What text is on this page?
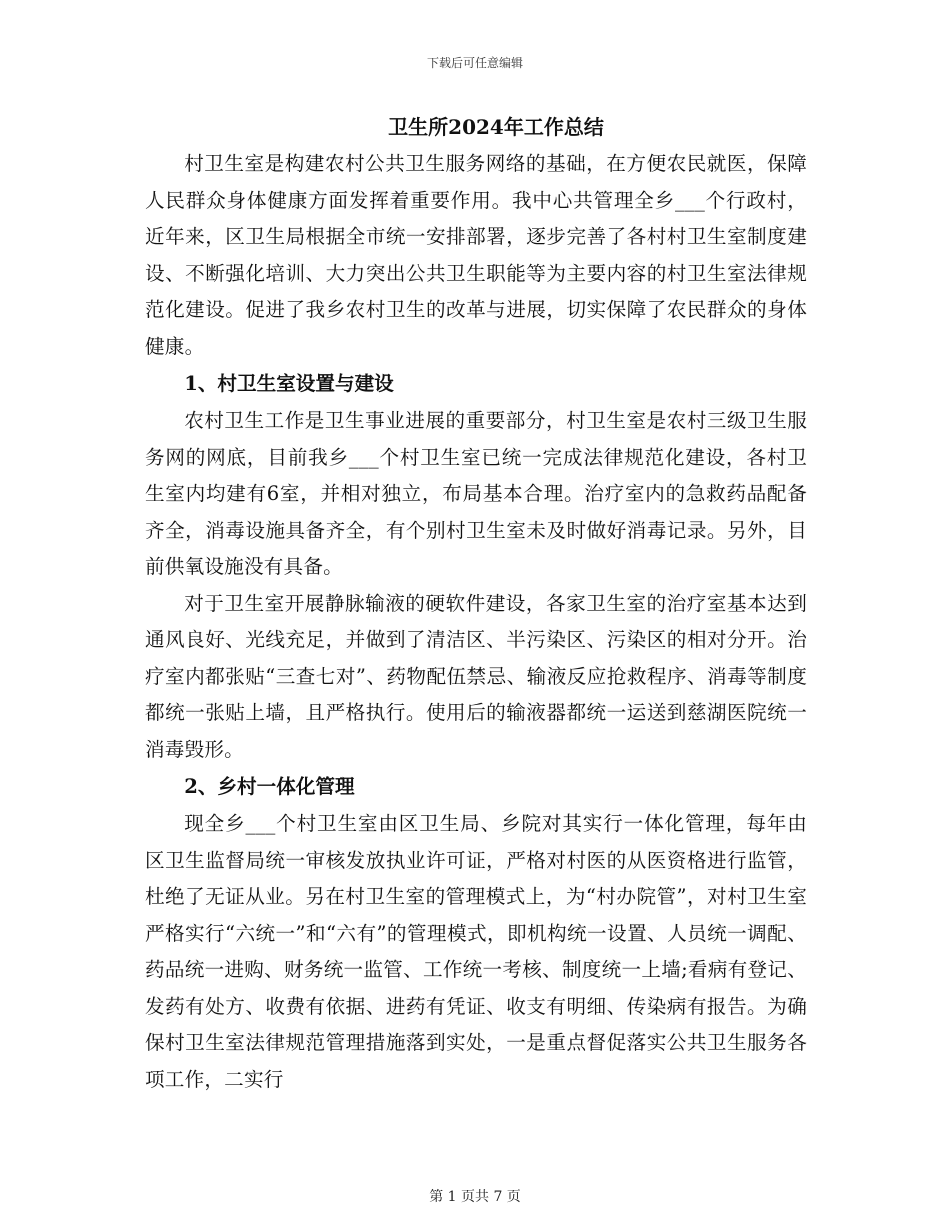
下载后可任意编辑
卫生所2024年工作总结

村卫生室是构建农村公共卫生服务网络的基础，在方便农民就医，保障人民群众身体健康方面发挥着重要作用。我中心共管理全乡___个行政村，近年来，区卫生局根据全市统一安排部署，逐步完善了各村村卫生室制度建设、不断强化培训、大力突出公共卫生职能等为主要内容的村卫生室法律规范化建设。促进了我乡农村卫生的改革与进展，切实保障了农民群众的身体健康。

1、村卫生室设置与建设

农村卫生工作是卫生事业进展的重要部分，村卫生室是农村三级卫生服务网的网底，目前我乡___个村卫生室已统一完成法律规范化建设，各村卫生室内均建有6室，并相对独立，布局基本合理。治疗室内的急救药品配备齐全，消毒设施具备齐全，有个别村卫生室未及时做好消毒记录。另外，目前供氧设施没有具备。

对于卫生室开展静脉输液的硬软件建设，各家卫生室的治疗室基本达到通风良好、光线充足，并做到了清洁区、半污染区、污染区的相对分开。治疗室内都张贴“三查七对”、药物配伍禁忌、输液反应抢救程序、消毒等制度都统一张贴上墙，且严格执行。使用后的输液器都统一运送到慈湖医院统一消毒毁形。

2、乡村一体化管理

现全乡___个村卫生室由区卫生局、乡院对其实行一体化管理，每年由区卫生监督局统一审核发放执业许可证，严格对村医的从医资格进行监管，杜绝了无证从业。另在村卫生室的管理模式上，为“村办院管”，对村卫生室严格实行“六统一”和“六有”的管理模式，即机构统一设置、人员统一调配、药品统一进购、财务统一监管、工作统一考核、制度统一上墙;看病有登记、发药有处方、收费有依据、进药有凭证、收支有明细、传染病有报告。为确保村卫生室法律规范管理措施落到实处，一是重点督促落实公共卫生服务各项工作，二实行

第 1 页共 7 页
